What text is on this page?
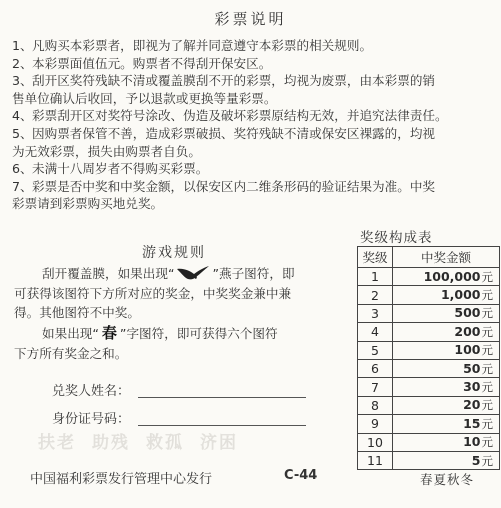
彩票说明
1、凡购买本彩票者，即视为了解并同意遵守本彩票的相关规则。
2、本彩票面值伍元。购票者不得刮开保安区。
3、刮开区奖符残缺不清或覆盖膜刮不开的彩票，均视为废票，由本彩票的销
售单位确认后收回，予以退款或更换等量彩票。
4、彩票刮开区对奖符号涂改、伪造及破坏彩票原结构无效，并追究法律责任。
5、因购票者保管不善，造成彩票破损、奖符残缺不清或保安区裸露的，均视
为无效彩票，损失由购票者自负。
6、未满十八周岁者不得购买彩票。
7、彩票是否中奖和中奖金额，以保安区内二维条形码的验证结果为准。中奖
彩票请到彩票购买地兑奖。
游戏规则
刮开覆盖膜，如果出现“	”燕子图符，即
可获得该图符下方所对应的奖金，中奖奖金兼中兼
得。其他图符不中奖。
如果出现“ 春 ”字图符，即可获得六个图符
下方所有奖金之和。
兑奖人姓名：
身份证号码：
扶老 助残 救孤 济困
中国福利彩票发行管理中心发行	C-44
奖级构成表
奖级	中奖金额
1	100,000元
2	1,000元
3	500元
4	200元
5	100元
6	50元
7	30元
8	20元
9	15元
10	10元
11	5元
春夏秋冬
